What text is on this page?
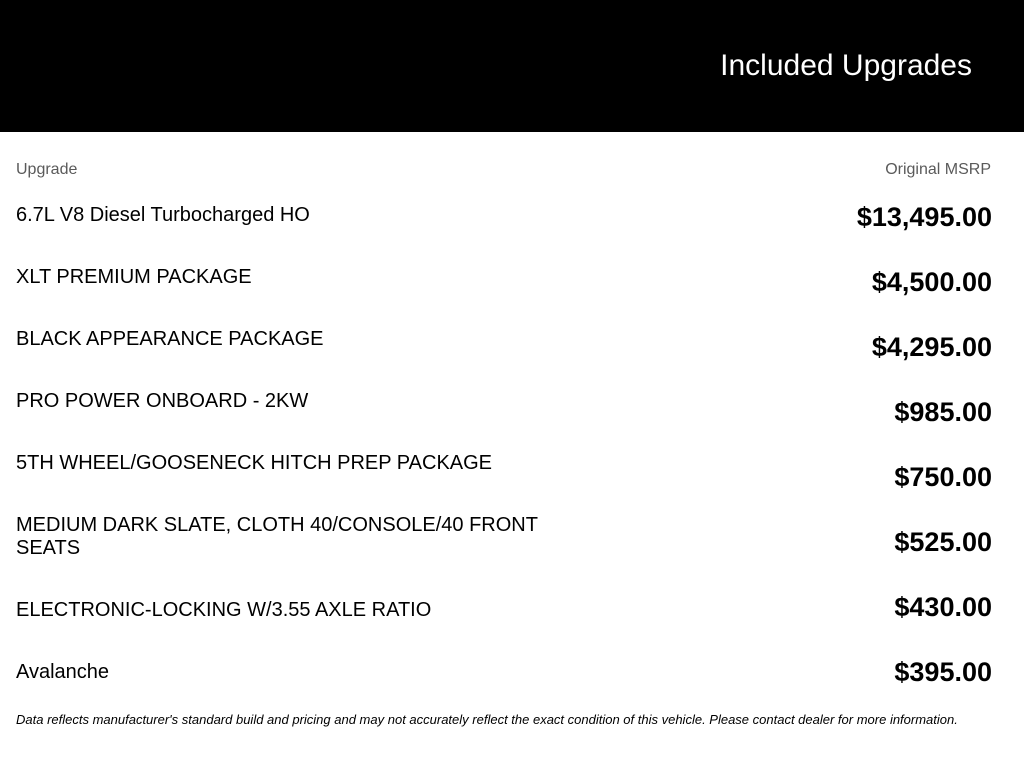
Included Upgrades
Upgrade	Original MSRP
6.7L V8 Diesel Turbocharged HO
XLT PREMIUM PACKAGE
BLACK APPEARANCE PACKAGE
PRO POWER ONBOARD - 2KW
5TH WHEEL/GOOSENECK HITCH PREP PACKAGE
MEDIUM DARK SLATE, CLOTH 40/CONSOLE/40 FRONT SEATS
ELECTRONIC-LOCKING W/3.55 AXLE RATIO
Avalanche
$13,495.00
$4,500.00
$4,295.00
$985.00
$750.00
$525.00
$430.00
$395.00
Data reflects manufacturer's standard build and pricing and may not accurately reflect the exact condition of this vehicle. Please contact dealer for more information.
